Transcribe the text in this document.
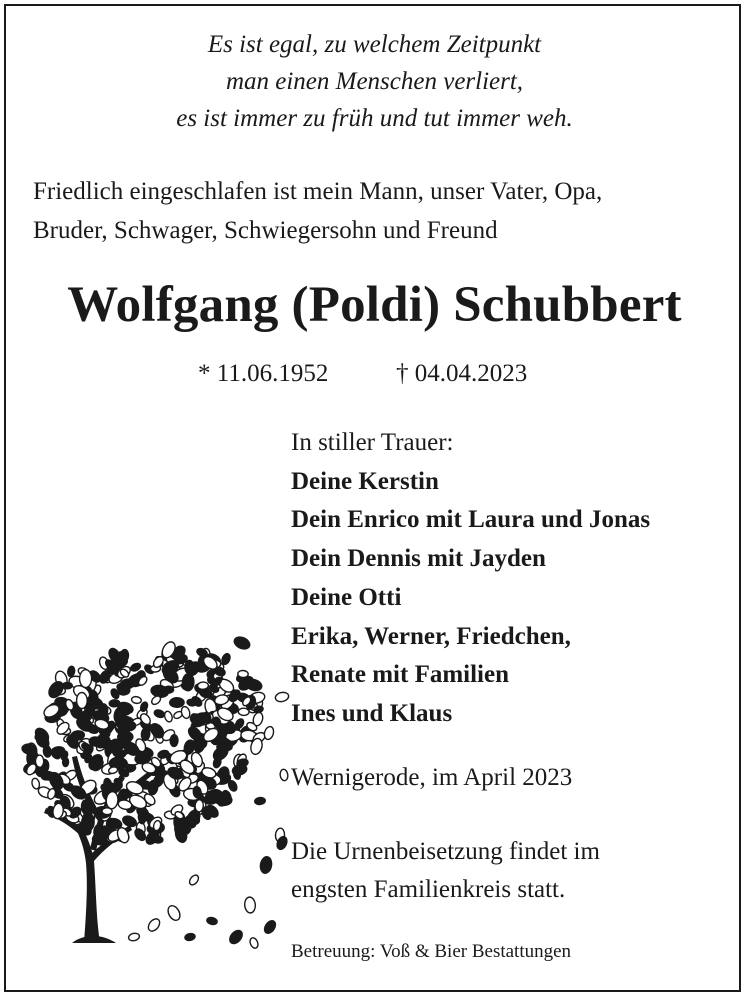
Es ist egal, zu welchem Zeitpunkt
man einen Menschen verliert,
es ist immer zu früh und tut immer weh.
Friedlich eingeschlafen ist mein Mann, unser Vater, Opa,
Bruder, Schwager, Schwiegersohn und Freund
Wolfgang (Poldi) Schubbert
* 11.06.1952	† 04.04.2023
In stiller Trauer:
Deine Kerstin
Dein Enrico mit Laura und Jonas
Dein Dennis mit Jayden
Deine Otti
Erika, Werner, Friedchen,
Renate mit Familien
Ines und Klaus
Wernigerode, im April 2023
Die Urnenbeisetzung findet im
engsten Familienkreis statt.
Betreuung: Voß & Bier Bestattungen
